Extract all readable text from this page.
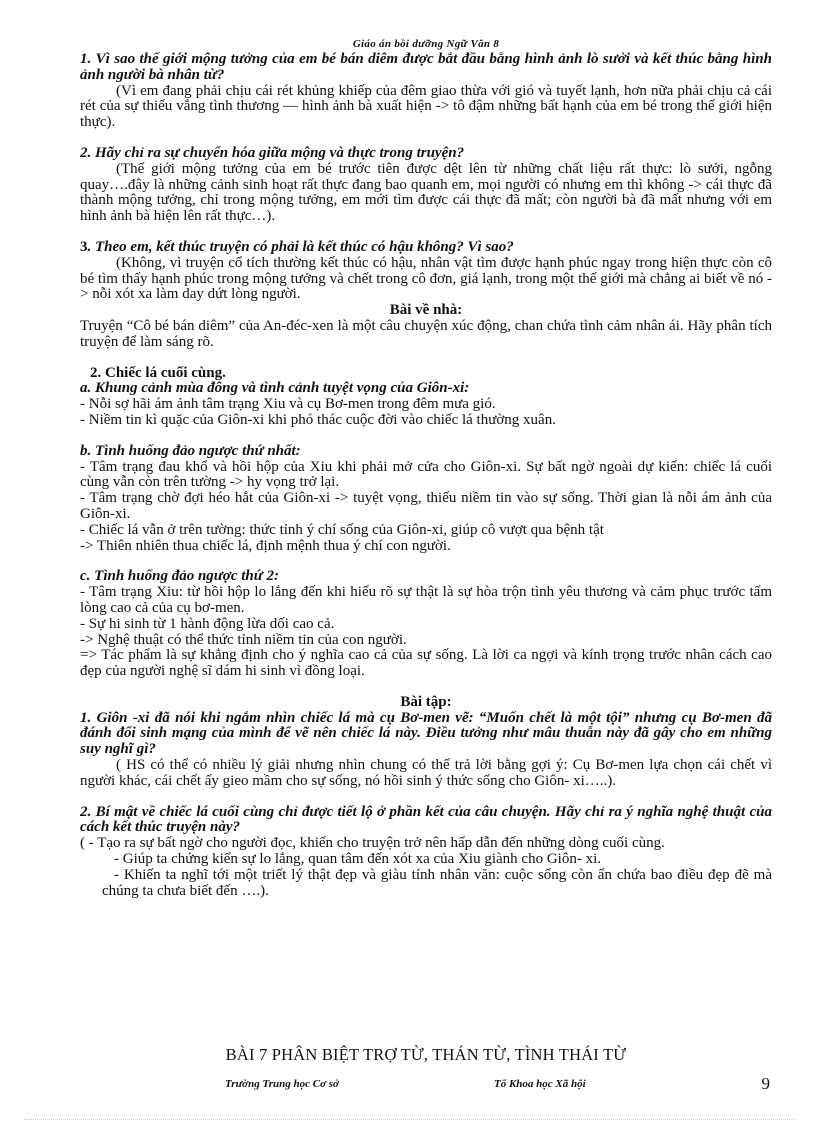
Giáo án bồi dưỡng Ngữ Văn 8

1. Vì sao thế giới mộng tưởng của em bé bán diêm được bắt đầu bằng hình ảnh lò sưởi và kết thúc bằng hình ảnh người bà nhân từ?

(Vì em đang phải chịu cái rét khủng khiếp của đêm giao thừa với gió và tuyết lạnh, hơn nữa phải chịu cả cái rét của sự thiếu vắng tình thương — hình ảnh bà xuất hiện -> tô đậm những bất hạnh của em bé trong thế giới hiện thực).

2. Hãy chỉ ra sự chuyển hóa giữa mộng và thực trong truyện?

(Thế giới mộng tưởng của em bé trước tiên được dệt lên từ những chất liệu rất thực: lò sưởi, ngỗng quay….đây là những cảnh sinh hoạt rất thực đang bao quanh em, mọi người có nhưng em thì không -> cái thực đã thành mộng tưởng, chỉ trong mộng tưởng, em mới tìm được cái thực đã mất; còn người bà đã mất nhưng với em hình ảnh bà hiện lên rất thực…).

3. Theo em, kết thúc truyện có phải là kết thúc có hậu không? Vì sao?

(Không, vì truyện cổ tích thường kết thúc có hậu, nhân vật tìm được hạnh phúc ngay trong hiện thực còn cô bé tìm thấy hạnh phúc trong mộng tưởng và chết trong cô đơn, giá lạnh, trong một thế giới mà chẳng ai biết về nó -> nỗi xót xa làm day dứt lòng người.

Bài về nhà:

Truyện “Cô bé bán diêm” của An-đéc-xen là một câu chuyện xúc động, chan chứa tình cảm nhân ái. Hãy phân tích truyện để làm sáng rõ.

2. Chiếc lá cuối cùng.

a. Khung cảnh mùa đông và tình cảnh tuyệt vọng của Giôn-xi:

- Nỗi sợ hãi ám ảnh tâm trạng Xiu và cụ Bơ-men trong đêm mưa gió.

- Niềm tin kì quặc của Giôn-xi khi phó thác cuộc đời vào chiếc lá thường xuân.

b. Tình huống đảo ngược thứ nhất:

- Tâm trạng đau khổ và hồi hộp của Xiu khi phải mở cửa cho Giôn-xi. Sự bất ngờ ngoài dự kiến: chiếc lá cuối cùng vẫn còn trên tường -> hy vọng trở lại.

- Tâm trạng chờ đợi héo hắt của Giôn-xi -> tuyệt vọng, thiếu niềm tin vào sự sống. Thời gian là nỗi ám ảnh của Giôn-xi.

- Chiếc lá vẫn ở trên tường: thức tỉnh ý chí sống của Giôn-xi, giúp cô vượt qua bệnh tật

-> Thiên nhiên thua chiếc lá, định mệnh thua ý chí con người.

c. Tình huống đảo ngược thứ 2:

- Tâm trạng Xiu: từ hồi hộp lo lắng đến khi hiểu rõ sự thật là sự hòa trộn tình yêu thương và cảm phục trước tấm lòng cao cả của cụ bơ-men.

- Sự hi sinh từ 1 hành động lừa dối cao cả.

-> Nghệ thuật có thể thức tỉnh niềm tin của con người.

=> Tác phẩm là sự khẳng định cho ý nghĩa cao cả của sự sống. Là lời ca ngợi và kính trọng trước nhân cách cao đẹp của người nghệ sĩ dám hi sinh vì đồng loại.

Bài tập:

1. Giôn -xi đã nói khi ngắm nhìn chiếc lá mà cụ Bơ-men vẽ: “Muốn chết là một tội” nhưng cụ Bơ-men đã đánh đổi sinh mạng của mình để vẽ nên chiếc lá này. Điều tưởng như mâu thuẫn này đã gây cho em những suy nghĩ gì?

( HS có thể có nhiều lý giải nhưng nhìn chung có thể trả lời bằng gợi ý: Cụ Bơ-men lựa chọn cái chết vì người khác, cái chết ấy gieo mầm cho sự sống, nó hồi sinh ý thức sống cho Giôn- xi…..).

2. Bí mật về chiếc lá cuối cùng chỉ được tiết lộ ở phần kết của câu chuyện. Hãy chỉ ra ý nghĩa nghệ thuật của cách kết thúc truyện này?

( - Tạo ra sự bất ngờ cho người đọc, khiến cho truyện trở nên hấp dẫn đến những dòng cuối cùng.

- Giúp ta chứng kiến sự lo lắng, quan tâm đến xót xa của Xiu giành cho Giôn- xi.

- Khiến ta nghĩ tới một triết lý thật đẹp và giàu tính nhân văn: cuộc sống còn ẩn chứa bao điều đẹp đẽ mà chúng ta chưa biết đến ….).

BÀI 7 PHÂN BIỆT TRỢ TỪ, THÁN TỪ, TÌNH THÁI TỪ
Trường Trung học Cơ sở	Tổ Khoa học Xã hội	9
